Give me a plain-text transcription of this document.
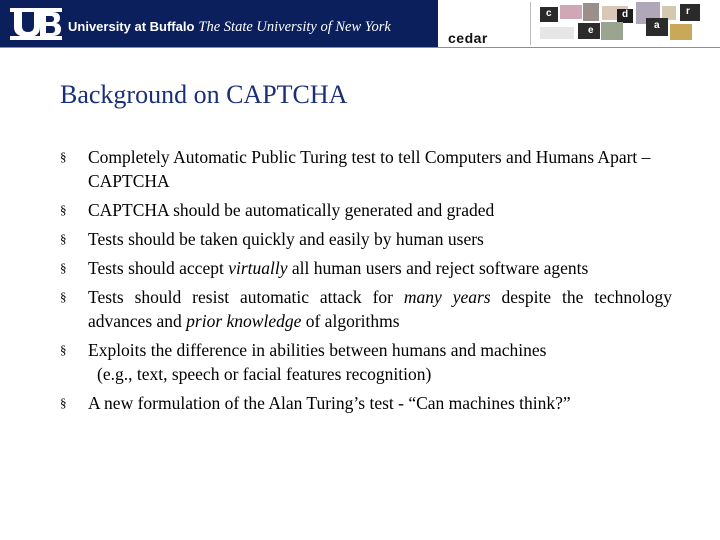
University at Buffalo The State University of New York
cedar
c
e
d
a
r
Background on CAPTCHA
§ Completely Automatic Public Turing test to tell Computers and Humans Apart – CAPTCHA
§ CAPTCHA should be automatically generated and graded
§ Tests should be taken quickly and easily by human users
§ Tests should accept virtually all human users and reject software agents
§ Tests should resist automatic attack for many years despite the technology advances and prior knowledge of algorithms
§ Exploits the difference in abilities between humans and machines
(e.g., text, speech or facial features recognition)
§ A new formulation of the Alan Turing’s test - “Can machines think?”
